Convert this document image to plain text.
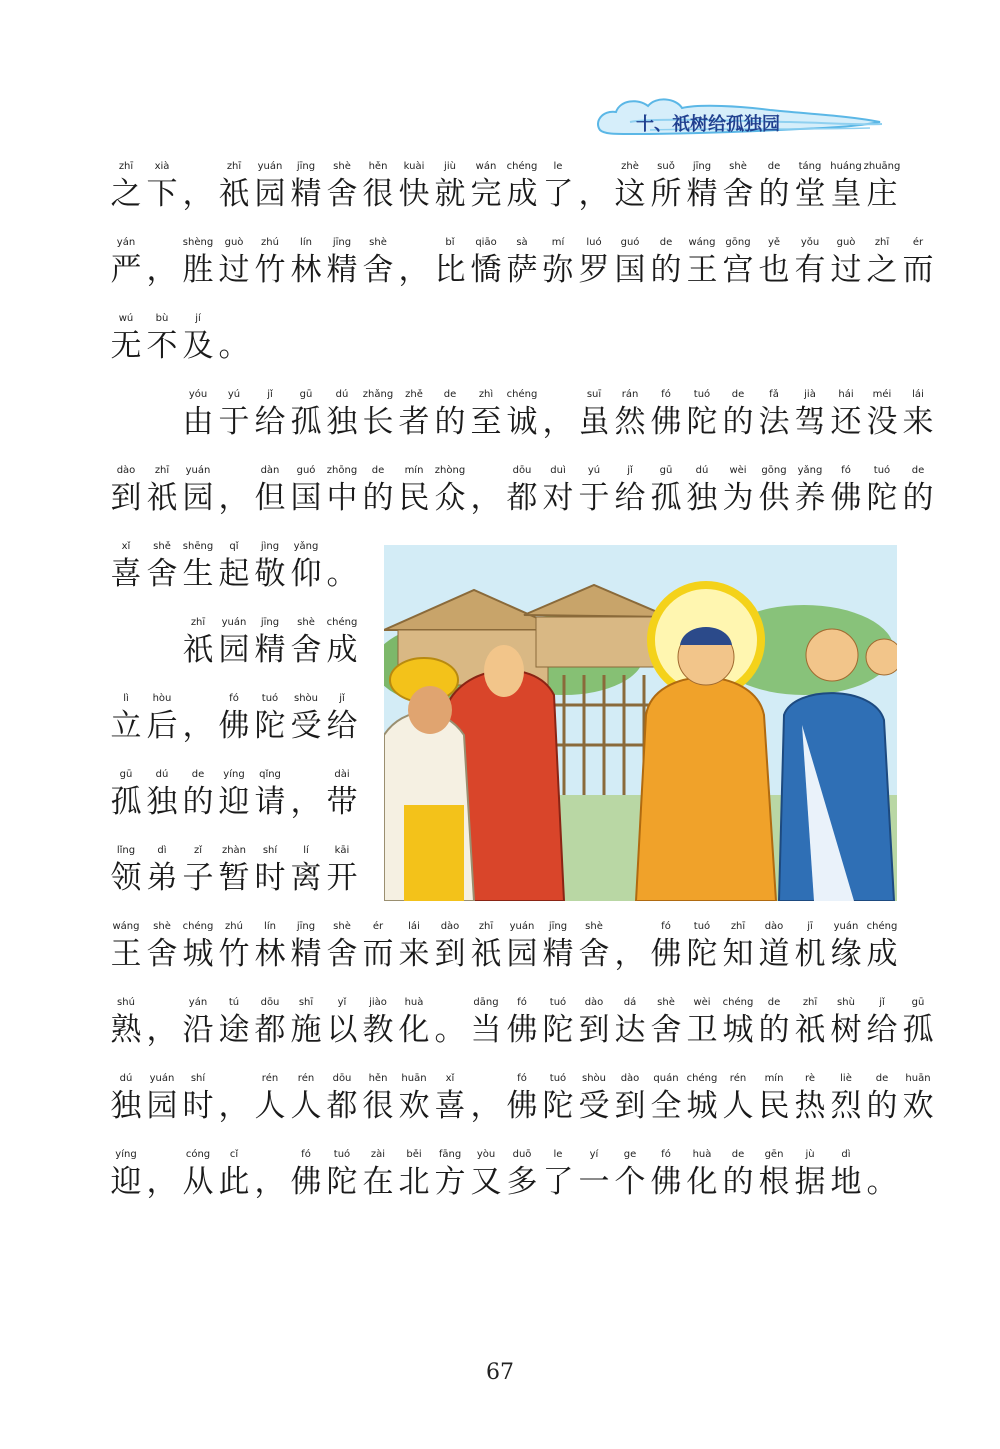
十、祇树给孤独园
zhī
之
xià
下 ，
zhī
祇
yuán
园
jīng
精
shè
舍
hěn
很
kuài
快
jiù
就
wán
完
chéng
成
le
了 ，
zhè
这
suǒ
所
jīng
精
shè
舍
de
的
táng
堂
huáng
皇
zhuāng
庄
yán
严 ，
shèng
胜
guò
过
zhú
竹
lín
林
jīng
精
shè
舍 ，
bǐ
比
qiāo
憍
sà
萨
mí
弥
luó
罗
guó
国
de
的
wáng
王
gōng
宫
yě
也
yǒu
有
guò
过
zhī
之
ér
而
wú
无
bù
不
jí
及 。
yóu
由
yú
于
jǐ
给
gū
孤
dú
独
zhǎng
长
zhě
者
de
的
zhì
至
chéng
诚 ，
suī
虽
rán
然
fó
佛
tuó
陀
de
的
fǎ
法
jià
驾
hái
还
méi
没
lái
来
dào
到
zhī
祇
yuán
园 ，
dàn
但
guó
国
zhōng
中
de
的
mín
民
zhòng
众 ，
dōu
都
duì
对
yú
于
jǐ
给
gū
孤
dú
独
wèi
为
gōng
供
yǎng
养
fó
佛
tuó
陀
de
的
xǐ
喜
shě
舍
shēng
生
qǐ
起
jìng
敬
yǎng
仰 。
zhī
祇
yuán
园
jīng
精
shè
舍
chéng
成
lì
立
hòu
后 ，
fó
佛
tuó
陀
shòu
受
jǐ
给
gū
孤
dú
独
de
的
yíng
迎
qǐng
请 ，
dài
带
lǐng
领
dì
弟
zǐ
子
zhàn
暂
shí
时
lí
离
kāi
开
wáng
王
shè
舍
chéng
城
zhú
竹
lín
林
jīng
精
shè
舍
ér
而
lái
来
dào
到
zhī
祇
yuán
园
jīng
精
shè
舍 ，
fó
佛
tuó
陀
zhī
知
dào
道
jī
机
yuán
缘
chéng
成
shú
熟 ，
yán
沿
tú
途
dōu
都
shī
施
yǐ
以
jiào
教
huà
化 。
dāng
当
fó
佛
tuó
陀
dào
到
dá
达
shè
舍
wèi
卫
chéng
城
de
的
zhī
祇
shù
树
jǐ
给
gū
孤
dú
独
yuán
园
shí
时 ，
rén
人
rén
人
dōu
都
hěn
很
huān
欢
xǐ
喜 ，
fó
佛
tuó
陀
shòu
受
dào
到
quán
全
chéng
城
rén
人
mín
民
rè
热
liè
烈
de
的
huān
欢
yíng
迎 ，
cóng
从
cǐ
此 ，
fó
佛
tuó
陀
zài
在
běi
北
fāng
方
yòu
又
duō
多
le
了
yí
一
ge
个
fó
佛
huà
化
de
的
gēn
根
jù
据
dì
地 。
67
